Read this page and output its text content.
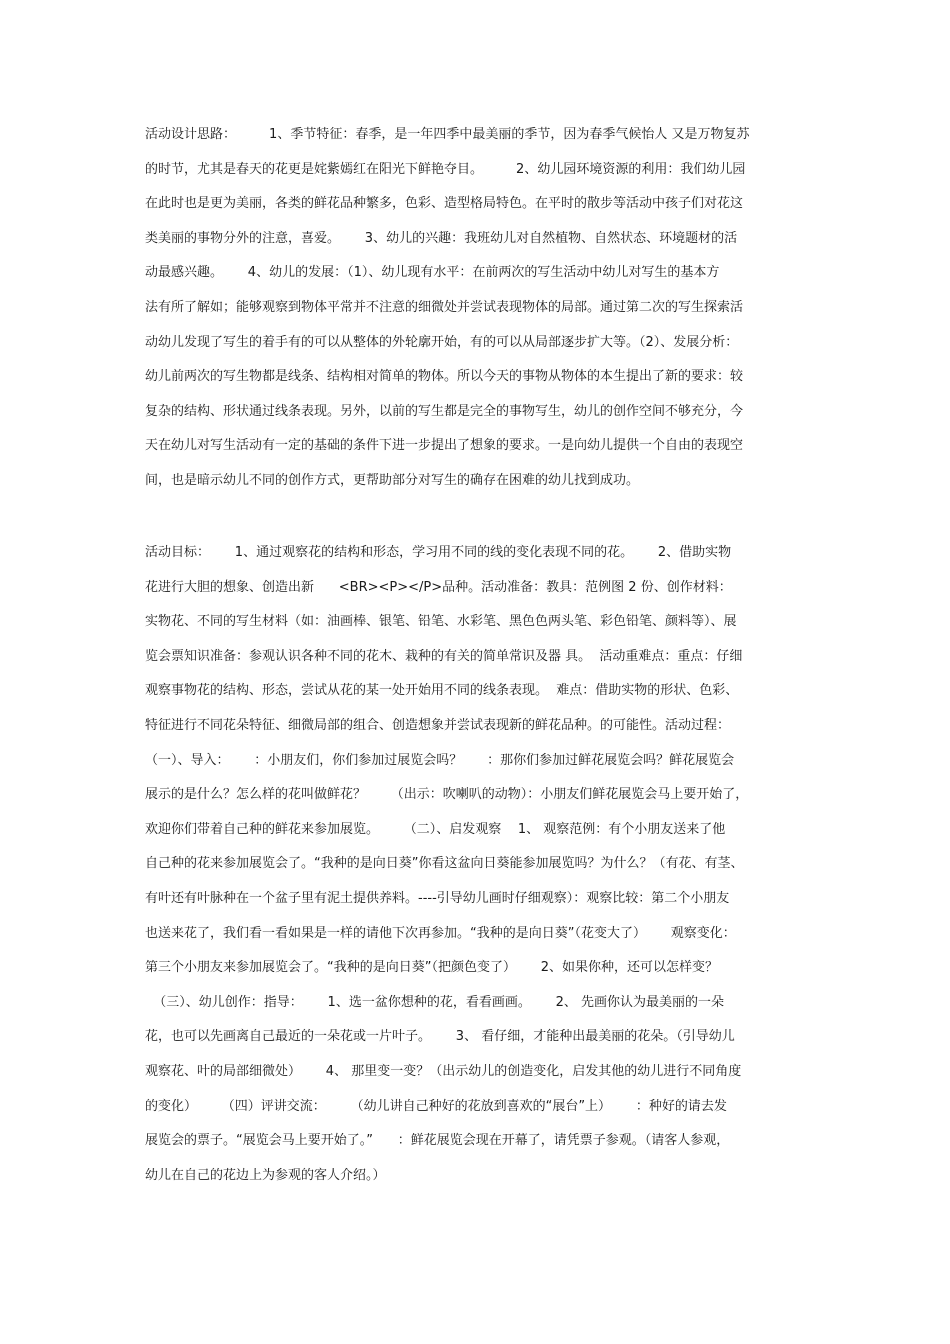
活动设计思路：        1、季节特征：春季，是一年四季中最美丽的季节，因为春季气候怡人 又是万物复苏
的时节，尤其是春天的花更是姹紫嫣红在阳光下鲜艳夺目。        2、幼儿园环境资源的利用：我们幼儿园
在此时也是更为美丽，各类的鲜花品种繁多，色彩、造型格局特色。在平时的散步等活动中孩子们对花这
类美丽的事物分外的注意，喜爱。      3、幼儿的兴趣：我班幼儿对自然植物、自然状态、环境题材的活
动最感兴趣。      4、幼儿的发展：（1）、幼儿现有水平：在前两次的写生活动中幼儿对写生的基本方
法有所了解如；能够观察到物体平常并不注意的细微处并尝试表现物体的局部。通过第二次的写生探索活
动幼儿发现了写生的着手有的可以从整体的外轮廓开始，有的可以从局部逐步扩大等。（2）、发展分析：
幼儿前两次的写生物都是线条、结构相对简单的物体。所以今天的事物从物体的本生提出了新的要求：较
复杂的结构、形状通过线条表现。另外，以前的写生都是完全的事物写生，幼儿的创作空间不够充分，今
天在幼儿对写生活动有一定的基础的条件下进一步提出了想象的要求。一是向幼儿提供一个自由的表现空
间，也是暗示幼儿不同的创作方式，更帮助部分对写生的确存在困难的幼儿找到成功。
活动目标：      1、通过观察花的结构和形态，学习用不同的线的变化表现不同的花。      2、借助实物
花进行大胆的想象、创造出新      <BR><P></P>品种。活动准备：教具：范例图 2 份、创作材料：
实物花、不同的写生材料（如：油画棒、银笔、铅笔、水彩笔、黑色色两头笔、彩色铅笔、颜料等）、展
览会票知识准备：参观认识各种不同的花木、栽种的有关的简单常识及器 具。  活动重难点：重点：仔细
观察事物花的结构、形态，尝试从花的某一处开始用不同的线条表现。  难点：借助实物的形状、色彩、
特征进行不同花朵特征、细微局部的组合、创造想象并尝试表现新的鲜花品种。的可能性。活动过程：
（一）、导入：      ：小朋友们，你们参加过展览会吗？      ：那你们参加过鲜花展览会吗？鲜花展览会
展示的是什么？怎么样的花叫做鲜花？      （出示：吹喇叭的动物）：小朋友们鲜花展览会马上要开始了，
欢迎你们带着自己种的鲜花来参加展览。      （二）、启发观察    1、 观察范例：有个小朋友送来了他
自己种的花来参加展览会了。“我种的是向日葵”你看这盆向日葵能参加展览吗？为什么？（有花、有茎、
有叶还有叶脉种在一个盆子里有泥土提供养料。----引导幼儿画时仔细观察）：观察比较：第二个小朋友
也送来花了，我们看一看如果是一样的请他下次再参加。“我种的是向日葵”（花变大了）      观察变化：
第三个小朋友来参加展览会了。“我种的是向日葵”（把颜色变了）      2、如果你种，还可以怎样变？
（三）、幼儿创作：指导：      1、选一盆你想种的花，看看画画。      2、 先画你认为最美丽的一朵
花，也可以先画离自己最近的一朵花或一片叶子。      3、 看仔细，才能种出最美丽的花朵。（引导幼儿
观察花、叶的局部细微处）      4、 那里变一变？（出示幼儿的创造变化，启发其他的幼儿进行不同角度
的变化）      （四）评讲交流：      （幼儿讲自己种好的花放到喜欢的“展台”上）      ：种好的请去发
展览会的票子。“展览会马上要开始了。”      ：鲜花展览会现在开幕了，请凭票子参观。（请客人参观，
幼儿在自己的花边上为参观的客人介绍。）
